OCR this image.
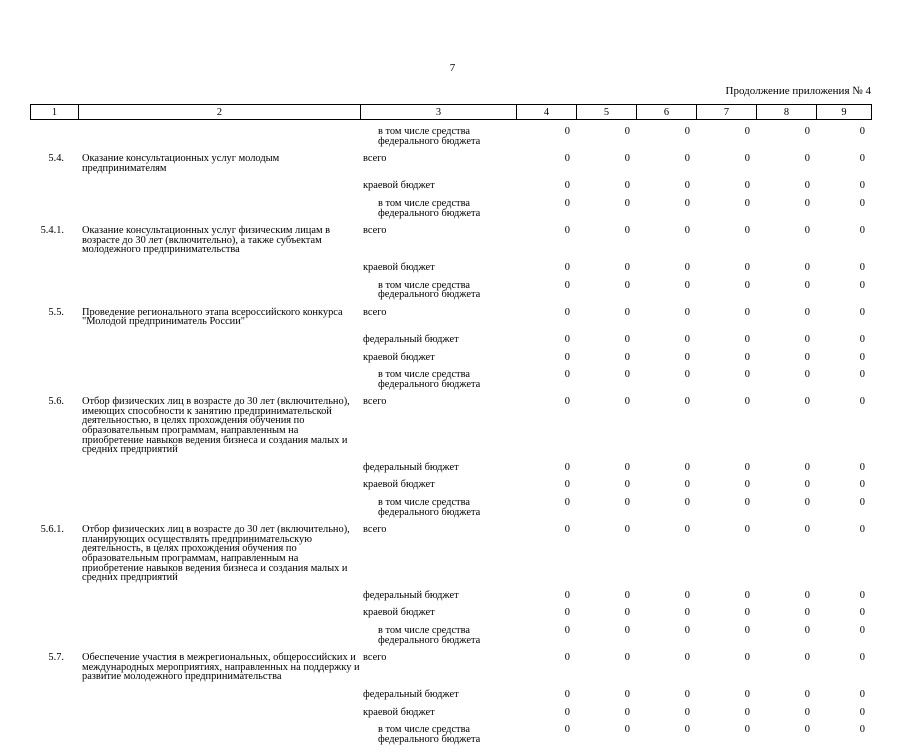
7
Продолжение приложения № 4
1	2	3	4	5	6	7	8	9
		в том числе средства федерального бюджета	0	0	0	0	0	0
5.4.	Оказание консультационных услуг молодым предпринимателям	всего	0	0	0	0	0	0
		краевой бюджет	0	0	0	0	0	0
		в том числе средства федерального бюджета	0	0	0	0	0	0
5.4.1.	Оказание консультационных услуг физическим лицам в возрасте до 30 лет (включительно), а также субъектам молодежного предпринимательства	всего	0	0	0	0	0	0
		краевой бюджет	0	0	0	0	0	0
		в том числе средства федерального бюджета	0	0	0	0	0	0
5.5.	Проведение регионального этапа всероссийского конкурса "Молодой предприниматель России"	всего	0	0	0	0	0	0
		федеральный бюджет	0	0	0	0	0	0
		краевой бюджет	0	0	0	0	0	0
		в том числе средства федерального бюджета	0	0	0	0	0	0
5.6.	Отбор физических лиц в возрасте до 30 лет (включительно), имеющих способности к занятию предпринимательской деятельностью, в целях прохождения обучения по образовательным программам, направленным на приобретение навыков ведения бизнеса и создания малых и средних предприятий	всего	0	0	0	0	0	0
		федеральный бюджет	0	0	0	0	0	0
		краевой бюджет	0	0	0	0	0	0
		в том числе средства федерального бюджета	0	0	0	0	0	0
5.6.1.	Отбор физических лиц в возрасте до 30 лет (включительно), планирующих осуществлять предпринимательскую деятельность, в целях прохождения обучения по образовательным программам, направленным на приобретение навыков ведения бизнеса и создания малых и средних предприятий	всего	0	0	0	0	0	0
		федеральный бюджет	0	0	0	0	0	0
		краевой бюджет	0	0	0	0	0	0
		в том числе средства федерального бюджета	0	0	0	0	0	0
5.7.	Обеспечение участия в межрегиональных, общероссийских и международных мероприятиях, направленных на поддержку и развитие молодежного предпринимательства	всего	0	0	0	0	0	0
		федеральный бюджет	0	0	0	0	0	0
		краевой бюджет	0	0	0	0	0	0
		в том числе средства федерального бюджета	0	0	0	0	0	0
